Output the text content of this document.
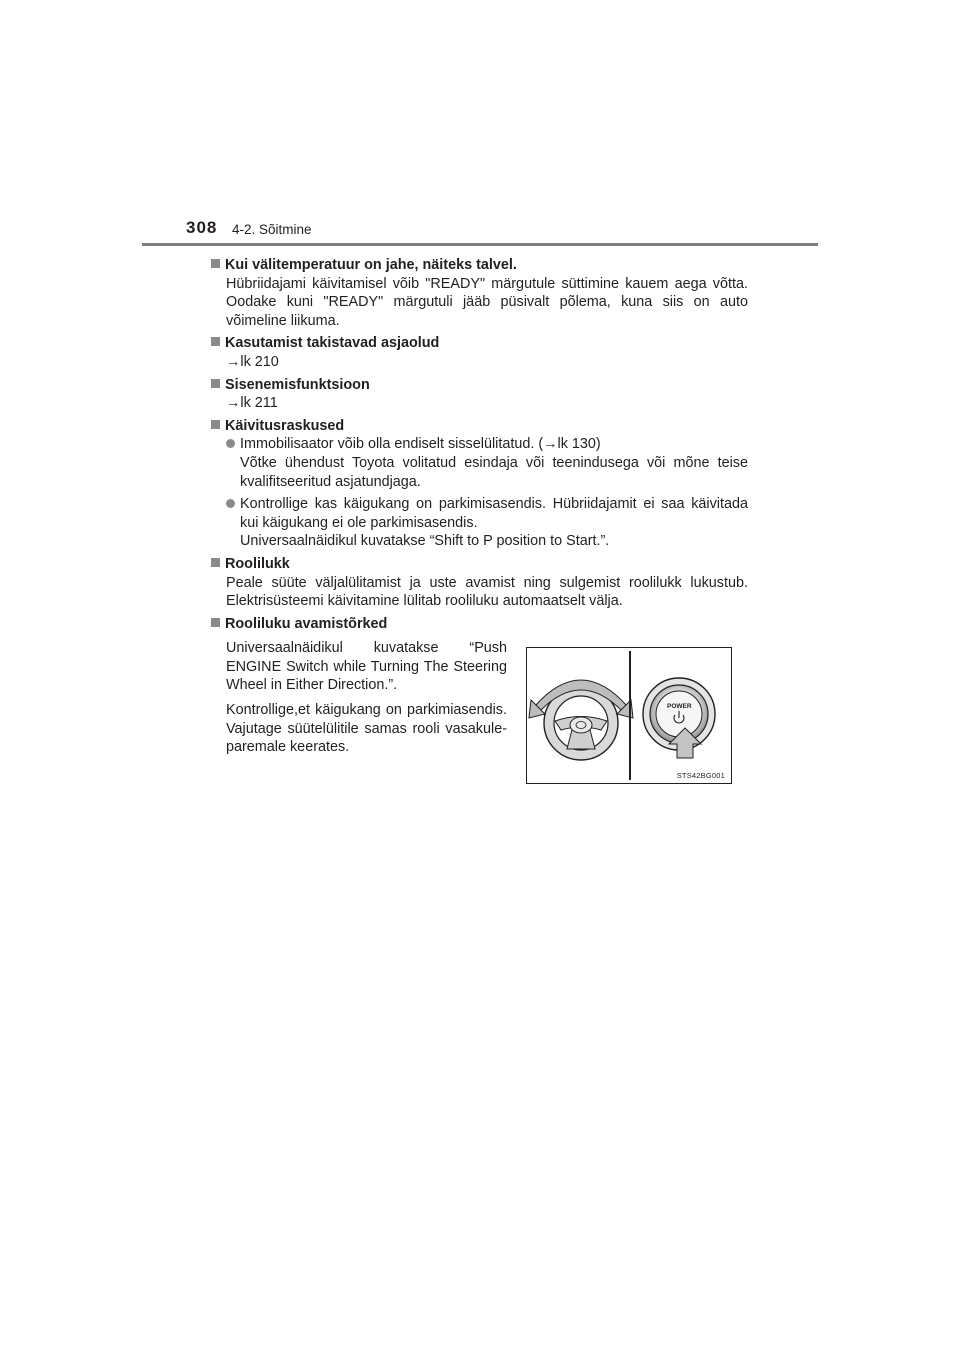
308 4-2. Sõitmine
Kui välitemperatuur on jahe, näiteks talvel.
Hübriidajami käivitamisel võib "READY" märgutule süttimine kauem aega võtta. Oodake kuni "READY" märgutuli jääb püsivalt põlema, kuna siis on auto võimeline liikuma.
Kasutamist takistavad asjaolud
→lk 210
Sisenemisfunktsioon
→lk 211
Käivitusraskused
Immobilisaator võib olla endiselt sisselülitatud. (→lk 130)
Võtke ühendust Toyota volitatud esindaja või teenindusega või mõne teise kvalifitseeritud asjatundjaga.
Kontrollige kas käigukang on parkimisasendis. Hübriidajamit ei saa käivitada kui käigukang ei ole parkimisasendis.
Universaalnäidikul kuvatakse “Shift to P position to Start.”.
Roolilukk
Peale süüte väljalülitamist ja uste avamist ning sulgemist roolilukk lukustub. Elektrisüsteemi käivitamine lülitab rooliluku automaatselt välja.
Rooliluku avamistõrked

Universaalnäidikul kuvatakse “Push ENGINE Switch while Turning The Steering Wheel in Either Direction.”.

Kontrollige,et käigukang on parkimiasendis. Vajutage süütelülitile samas rooli vasakule-paremale keerates.

POWER
STS42BG001
